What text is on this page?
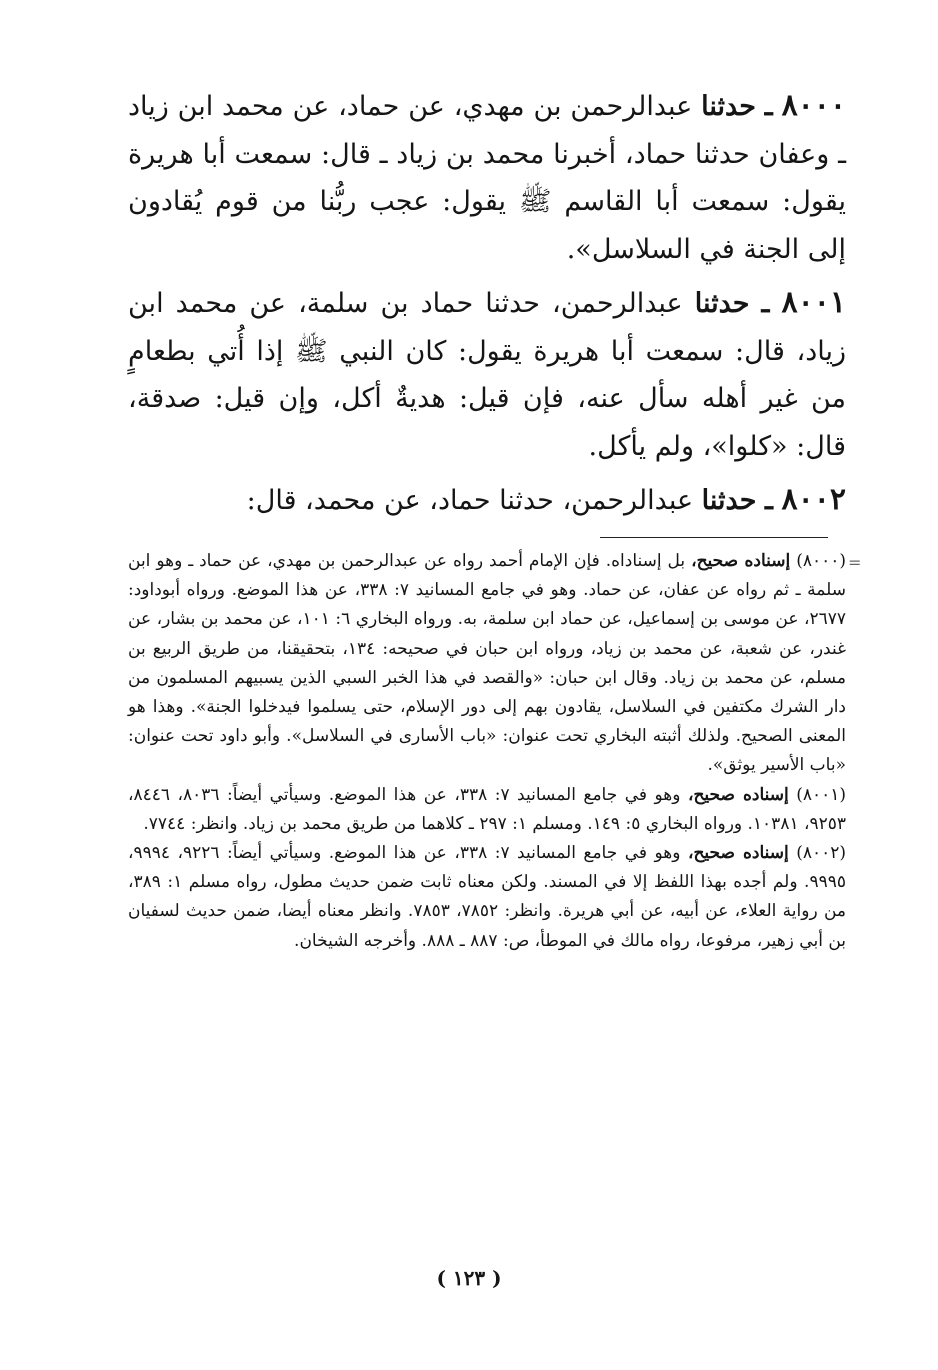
٨٠٠٠ ـ حدثنا عبدالرحمن بن مهدي، عن حماد، عن محمد ابن زياد ـ وعفان حدثنا حماد، أخبرنا محمد بن زياد ـ قال: سمعت أبا هريرة يقول: سمعت أبا القاسم ﷺ يقول: عجب ربُّنا من قوم يُقادون إلى الجنة في السلاسل».

٨٠٠١ ـ حدثنا عبدالرحمن، حدثنا حماد بن سلمة، عن محمد ابن زياد، قال: سمعت أبا هريرة يقول: كان النبي ﷺ إذا أُتي بطعامٍ من غير أهله سأل عنه، فإن قيل: هديةٌ أكل، وإن قيل: صدقة، قال: «كلوا»، ولم يأكل.

٨٠٠٢ ـ حدثنا عبدالرحمن، حدثنا حماد، عن محمد، قال:

=

(٨٠٠٠) إسناده صحيح، بل إسناداه. فإن الإمام أحمد رواه عن عبدالرحمن بن مهدي، عن حماد ـ وهو ابن سلمة ـ ثم رواه عن عفان، عن حماد. وهو في جامع المسانيد ٧: ٣٣٨، عن هذا الموضع. ورواه أبوداود: ٢٦٧٧، عن موسى بن إسماعيل، عن حماد ابن سلمة، به. ورواه البخاري ٦: ١٠١، عن محمد بن بشار، عن غندر، عن شعبة، عن محمد بن زياد، ورواه ابن حبان في صحيحه: ١٣٤، بتحقيقنا، من طريق الربيع بن مسلم، عن محمد بن زياد. وقال ابن حبان: «والقصد في هذا الخبر السبي الذين يسبيهم المسلمون من دار الشرك مكتفين في السلاسل، يقادون بهم إلى دور الإسلام، حتى يسلموا فيدخلوا الجنة». وهذا هو المعنى الصحيح. ولذلك أثبته البخاري تحت عنوان: «باب الأسارى في السلاسل». وأبو داود تحت عنوان: «باب الأسير يوثق».

(٨٠٠١) إسناده صحيح، وهو في جامع المسانيد ٧: ٣٣٨، عن هذا الموضع. وسيأتي أيضاً: ٨٠٣٦، ٨٤٤٦، ٩٢٥٣، ١٠٣٨١. ورواه البخاري ٥: ١٤٩. ومسلم ١: ٢٩٧ ـ كلاهما من طريق محمد بن زياد. وانظر: ٧٧٤٤.

(٨٠٠٢) إسناده صحيح، وهو في جامع المسانيد ٧: ٣٣٨، عن هذا الموضع. وسيأتي أيضاً: ٩٢٢٦، ٩٩٩٤، ٩٩٩٥. ولم أجده بهذا اللفظ إلا في المسند. ولكن معناه ثابت ضمن حديث مطول، رواه مسلم ١: ٣٨٩، من رواية العلاء، عن أبيه، عن أبي هريرة. وانظر: ٧٨٥٢، ٧٨٥٣. وانظر معناه أيضا، ضمن حديث لسفيان بن أبي زهير، مرفوعا، رواه مالك في الموطأ، ص: ٨٨٧ ـ ٨٨٨. وأخرجه الشيخان.

( ١٢٣ )
